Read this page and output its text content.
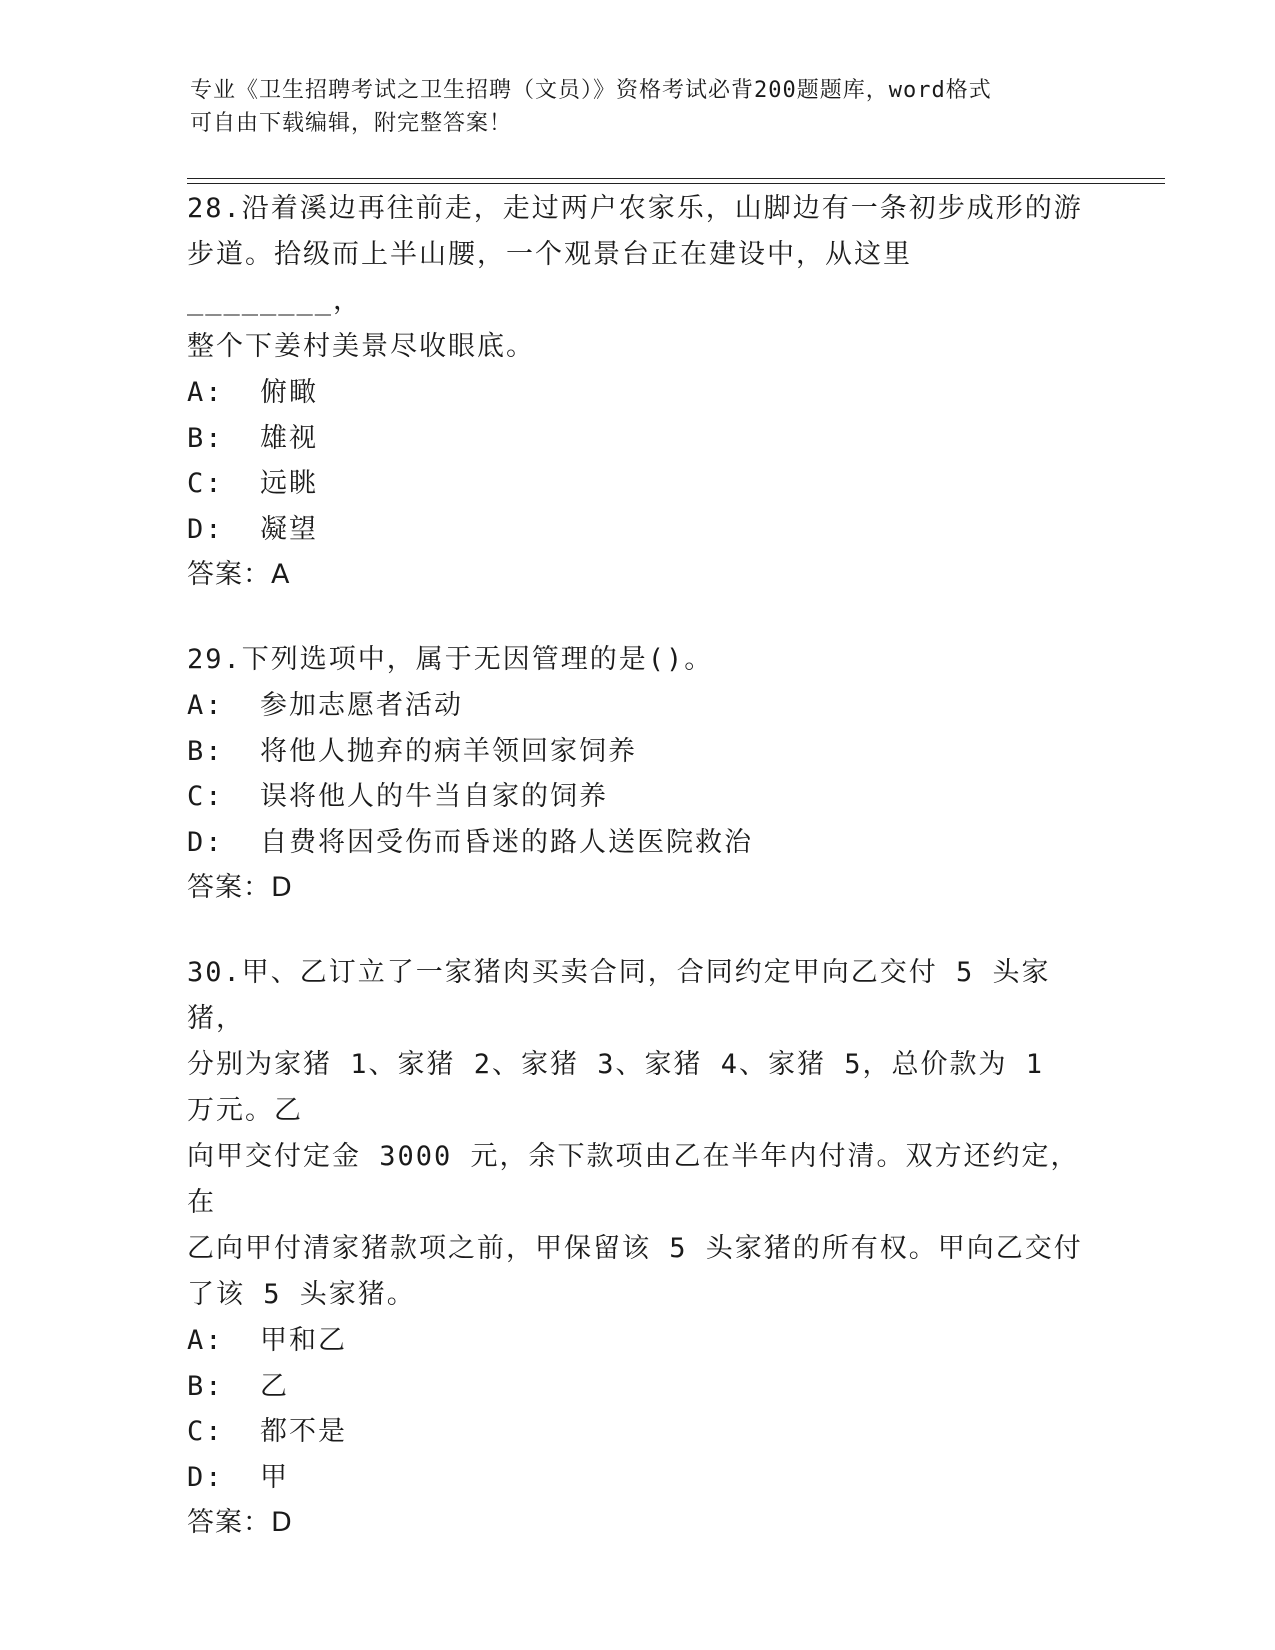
专业《卫生招聘考试之卫生招聘（文员）》资格考试必背200题题库，word格式

可自由下载编辑，附完整答案！

28.沿着溪边再往前走，走过两户农家乐，山脚边有一条初步成形的游
步道。拾级而上半山腰，一个观景台正在建设中，从这里________，
整个下姜村美景尽收眼底。

A:  俯瞰

B:  雄视

C:  远眺

D:  凝望

答案：A

29.下列选项中，属于无因管理的是()。

A:  参加志愿者活动

B:  将他人抛弃的病羊领回家饲养

C:  误将他人的牛当自家的饲养

D:  自费将因受伤而昏迷的路人送医院救治

答案：D

30.甲、乙订立了一家猪肉买卖合同，合同约定甲向乙交付 5 头家猪，
分别为家猪 1、家猪 2、家猪 3、家猪 4、家猪 5，总价款为 1 万元。乙
向甲交付定金 3000 元，余下款项由乙在半年内付清。双方还约定，在
乙向甲付清家猪款项之前，甲保留该 5 头家猪的所有权。甲向乙交付
了该 5 头家猪。

A:  甲和乙

B:  乙

C:  都不是

D:  甲

答案：D
